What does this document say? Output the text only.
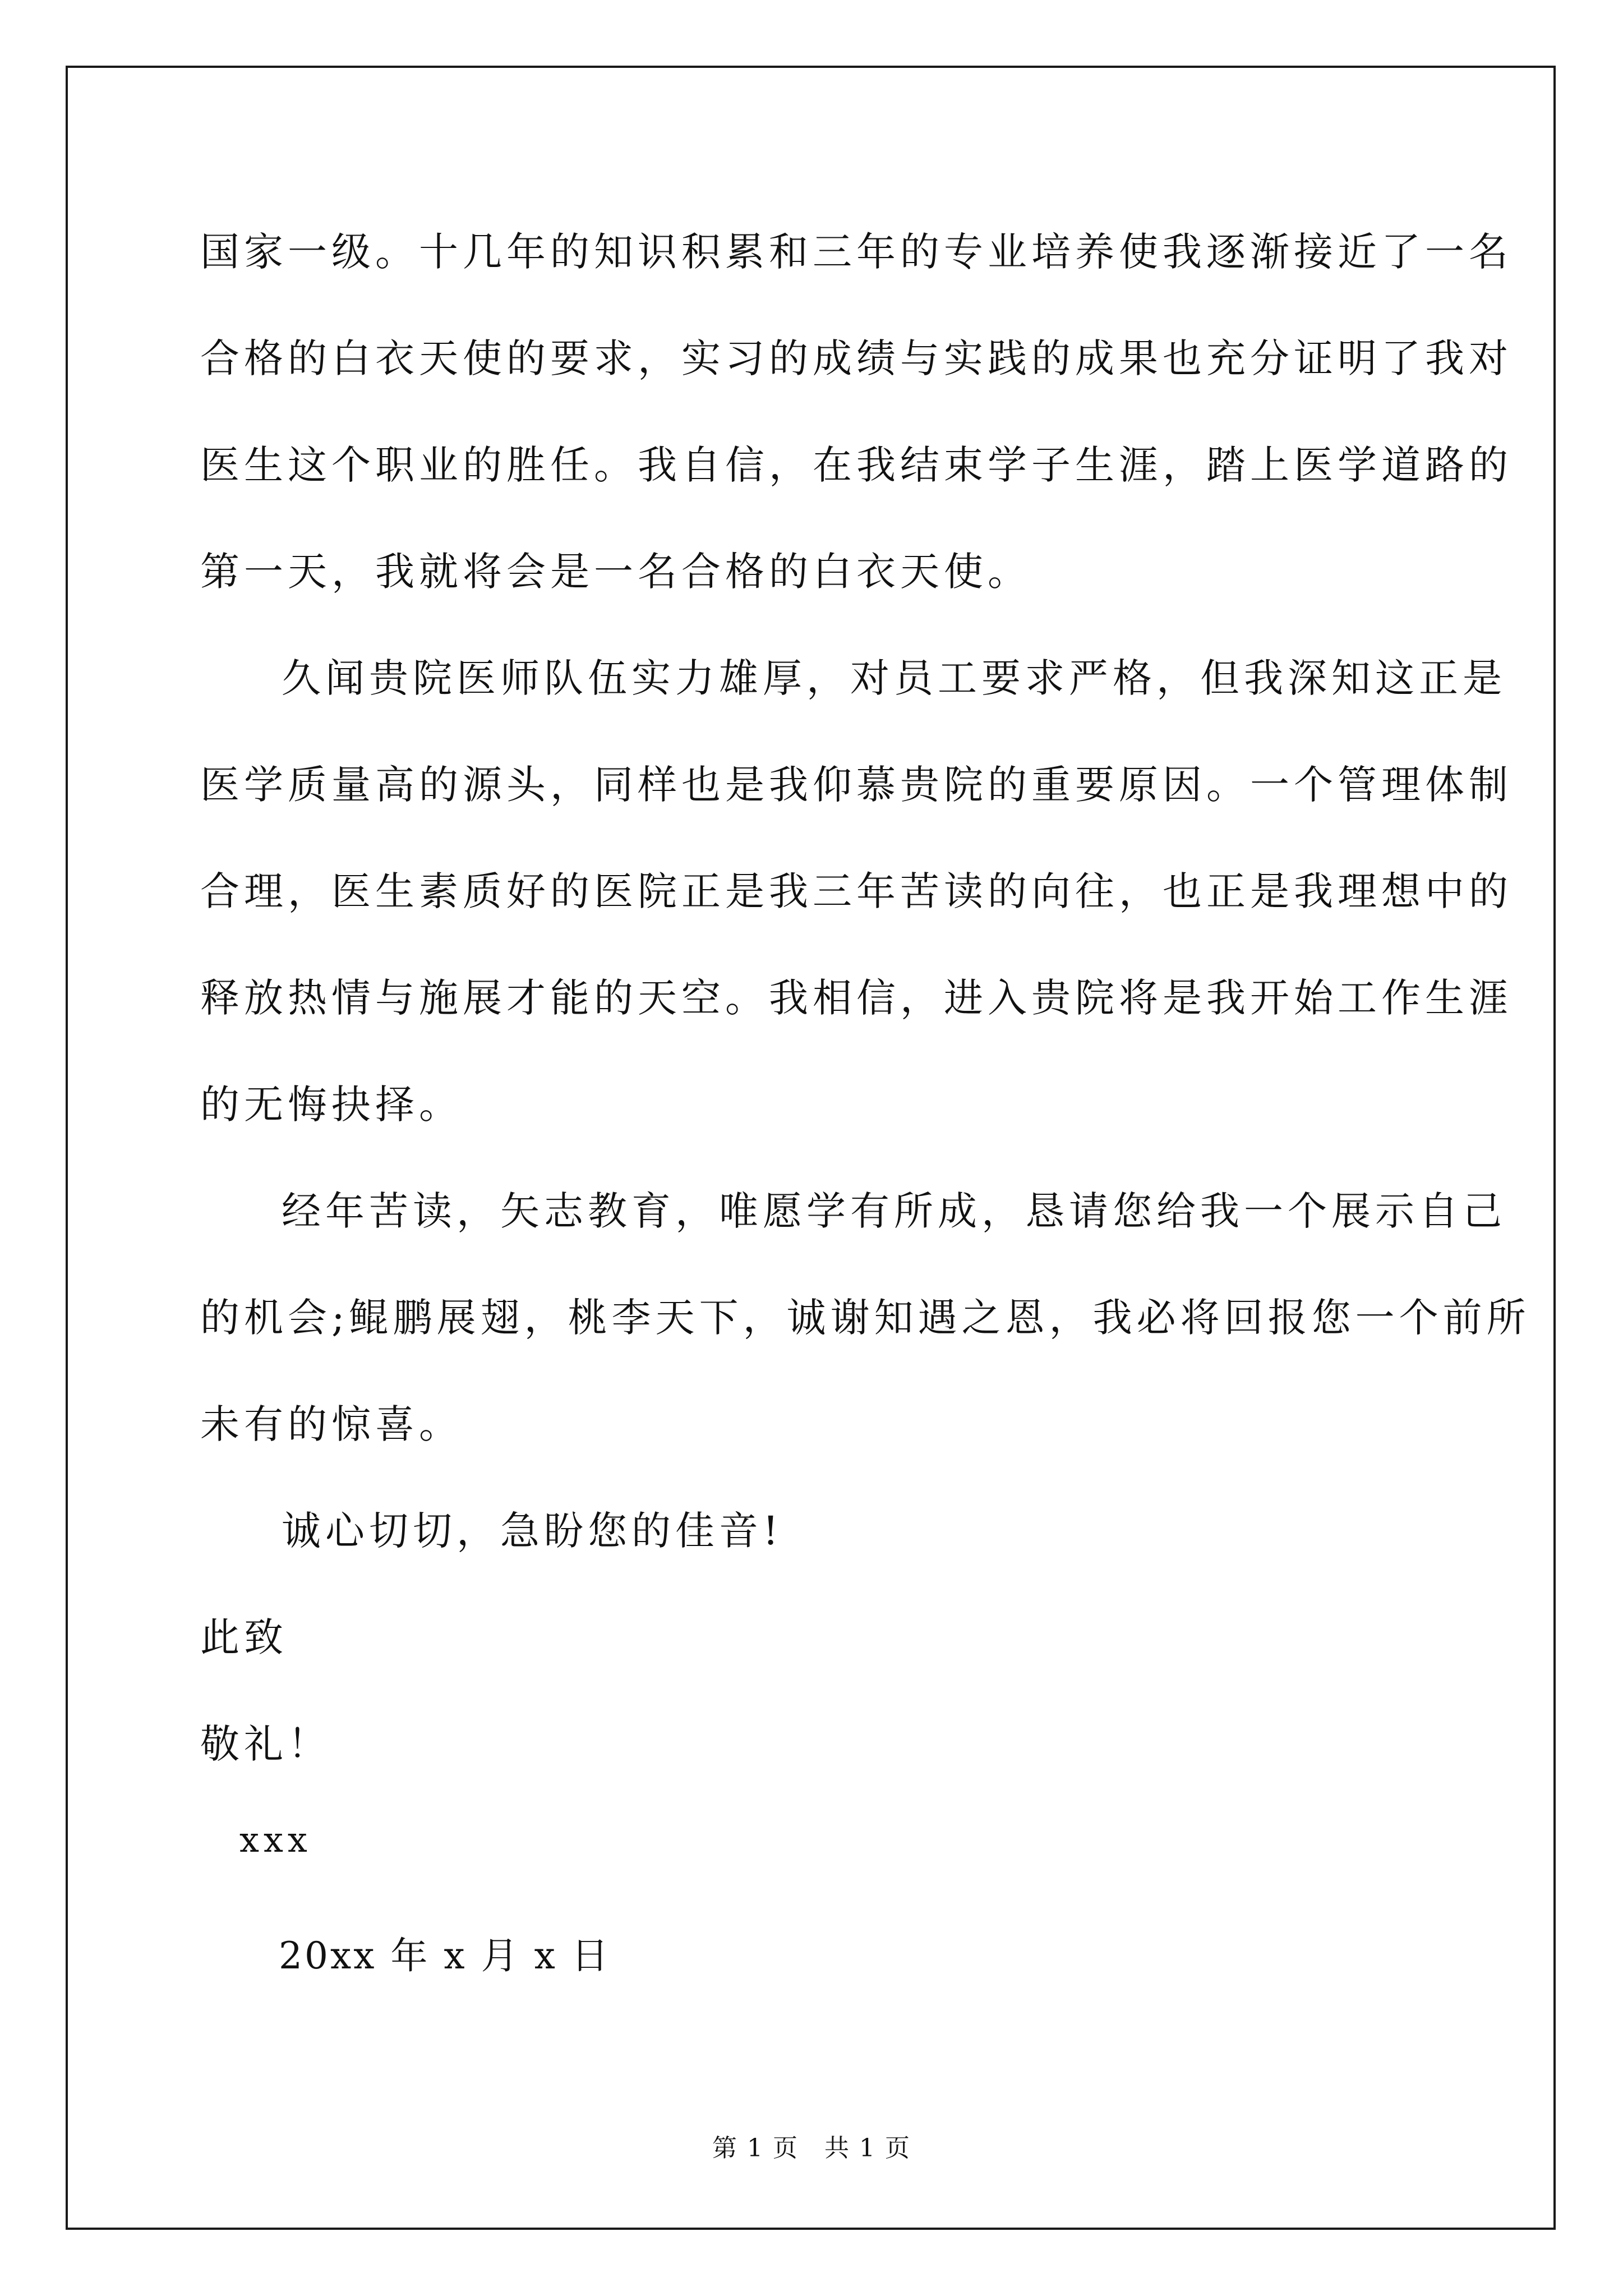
国家一级。十几年的知识积累和三年的专业培养使我逐渐接近了一名
合格的白衣天使的要求，实习的成绩与实践的成果也充分证明了我对
医生这个职业的胜任。我自信，在我结束学子生涯，踏上医学道路的
第一天，我就将会是一名合格的白衣天使。
久闻贵院医师队伍实力雄厚，对员工要求严格，但我深知这正是
医学质量高的源头，同样也是我仰慕贵院的重要原因。一个管理体制
合理，医生素质好的医院正是我三年苦读的向往，也正是我理想中的
释放热情与施展才能的天空。我相信，进入贵院将是我开始工作生涯
的无悔抉择。
经年苦读，矢志教育，唯愿学有所成，恳请您给我一个展示自己
的机会;鲲鹏展翅，桃李天下，诚谢知遇之恩，我必将回报您一个前所
未有的惊喜。
诚心切切，急盼您的佳音!
此致
敬礼！
xxx
20xx 年 x 月 x 日
第 1 页　共 1 页
